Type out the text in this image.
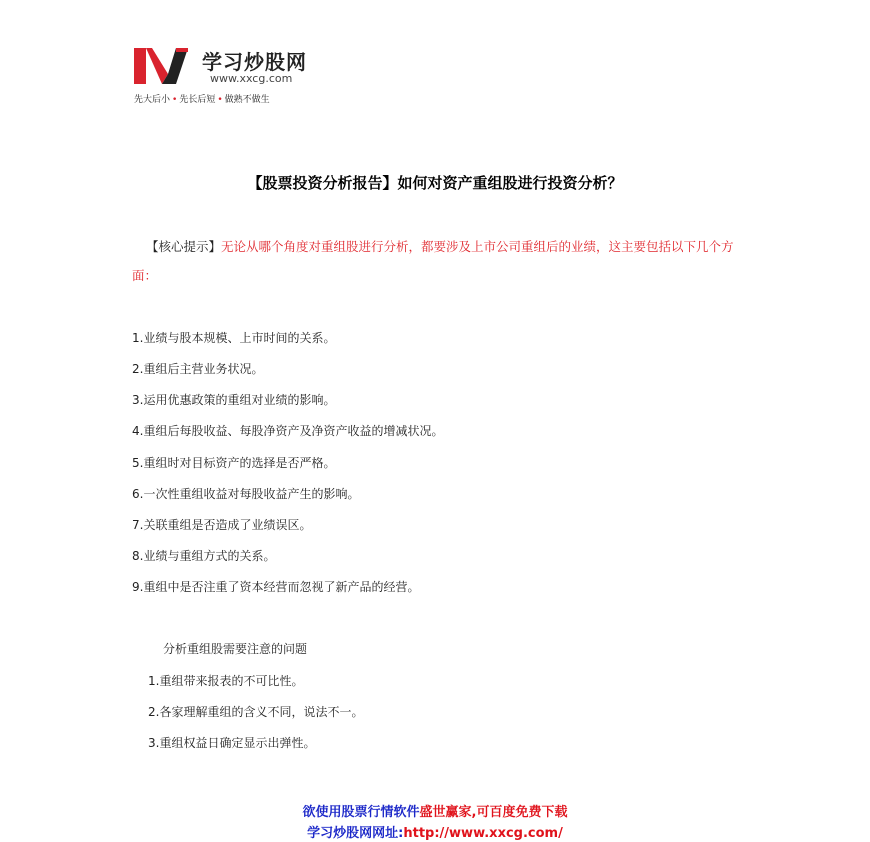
学习炒股网
www.xxcg.com
先大后小 • 先长后短 • 做熟不做生
【股票投资分析报告】如何对资产重组股进行投资分析？
【核心提示】无论从哪个角度对重组股进行分析，都要涉及上市公司重组后的业绩，这主要包括以下几个方面：
1.业绩与股本规模、上市时间的关系。
2.重组后主营业务状况。
3.运用优惠政策的重组对业绩的影响。
4.重组后每股收益、每股净资产及净资产收益的增减状况。
5.重组时对目标资产的选择是否严格。
6.一次性重组收益对每股收益产生的影响。
7.关联重组是否造成了业绩误区。
8.业绩与重组方式的关系。
9.重组中是否注重了资本经营而忽视了新产品的经营。
分析重组股需要注意的问题
1.重组带来报表的不可比性。
2.各家理解重组的含义不同，说法不一。
3.重组权益日确定显示出弹性。
欲使用股票行情软件盛世赢家,可百度免费下载
学习炒股网网址:http://www.xxcg.com/
